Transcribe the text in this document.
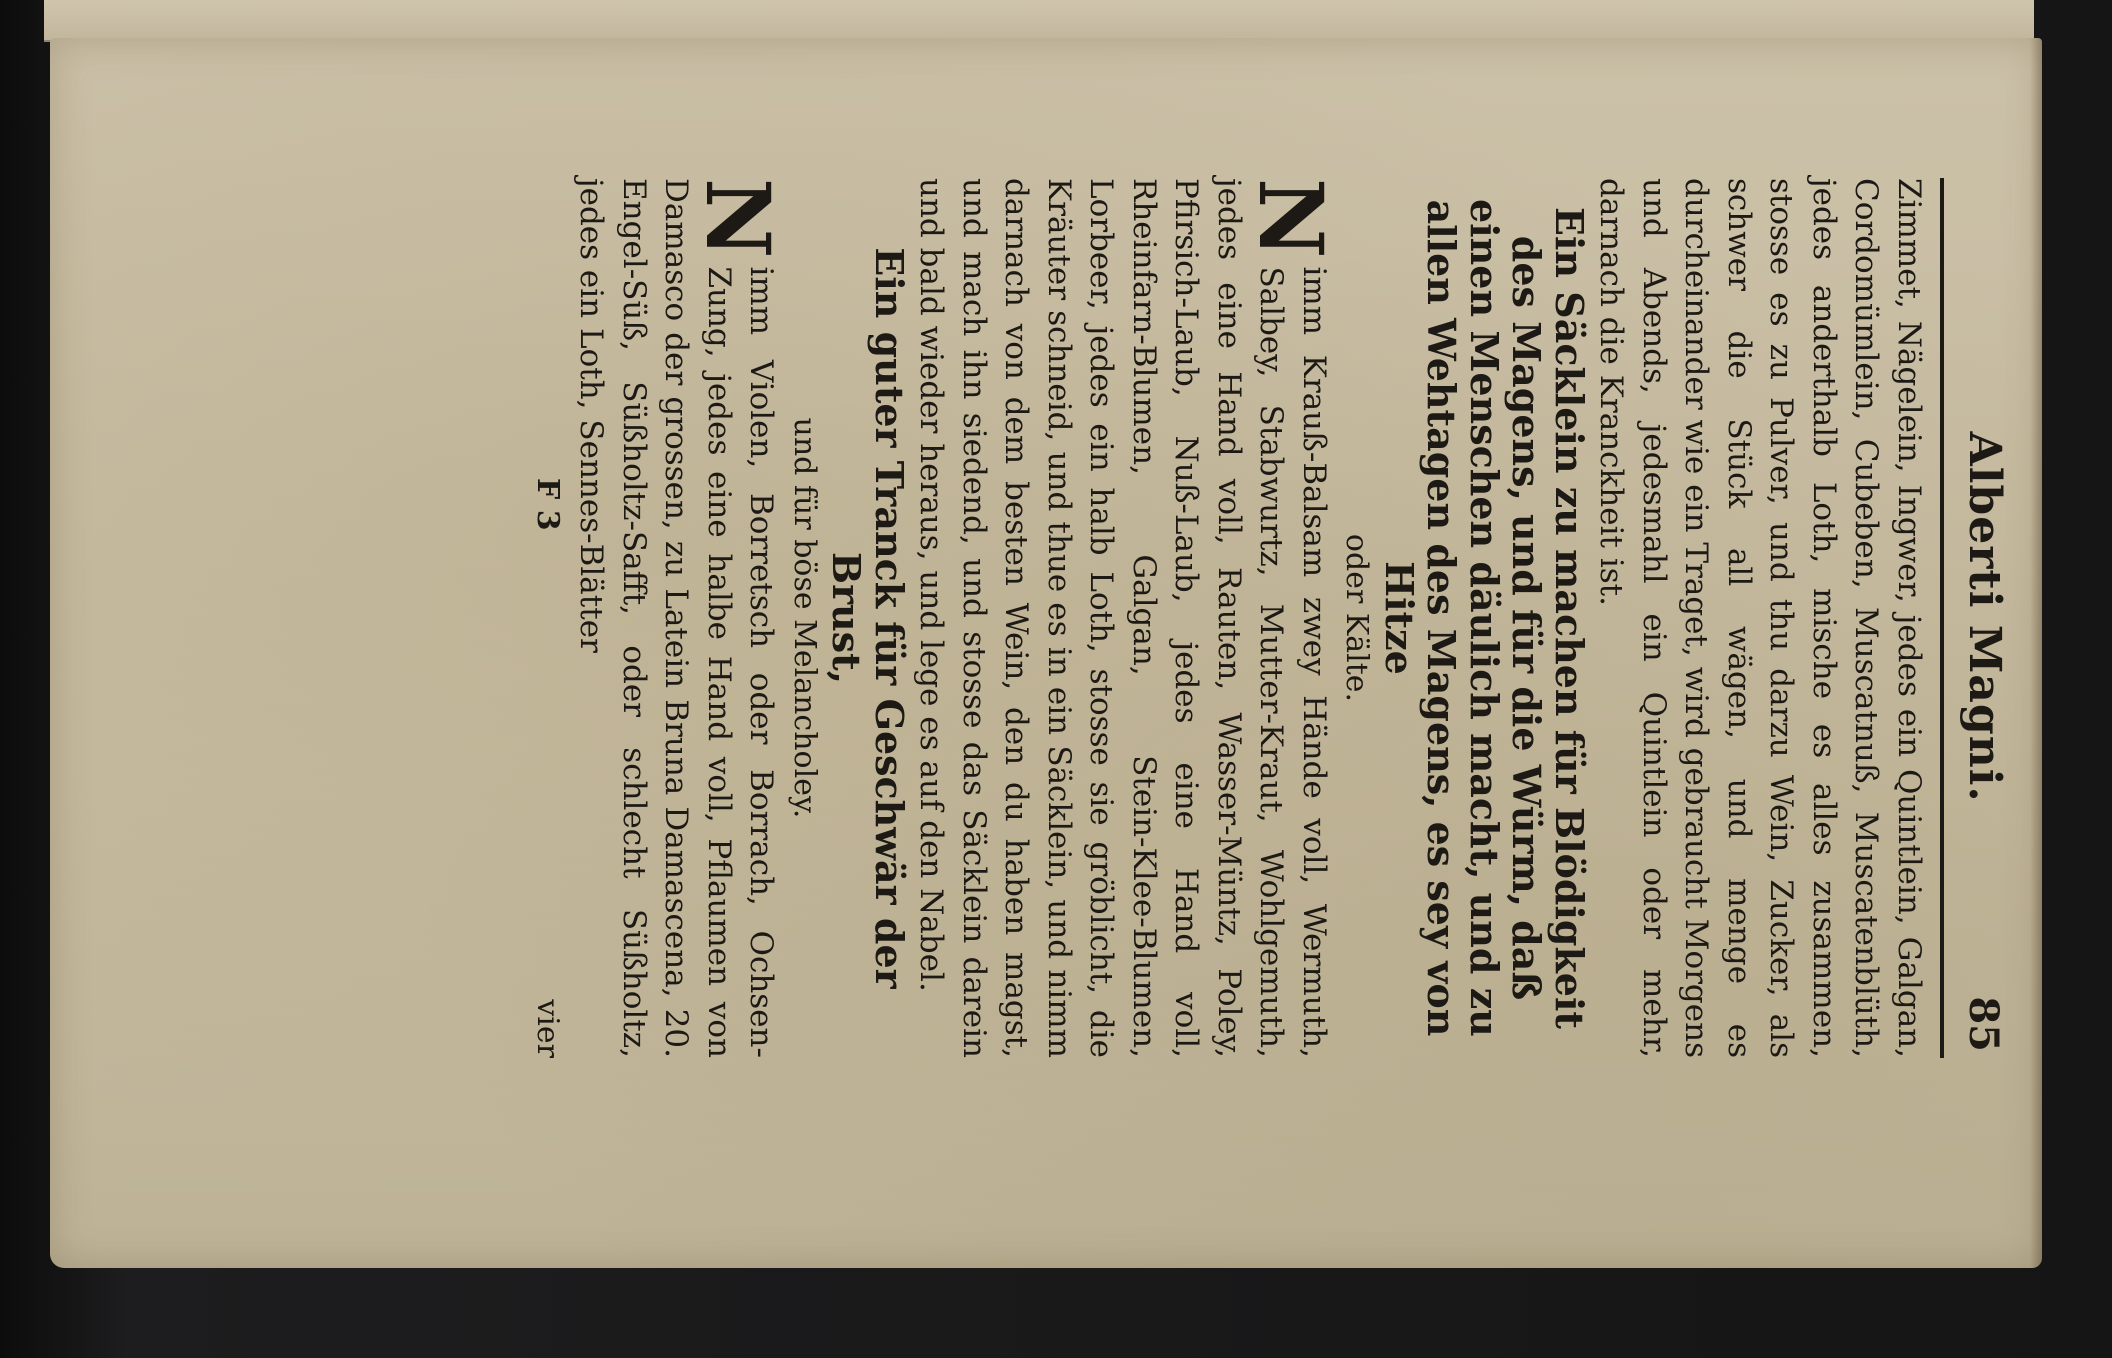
Alberti Magni.
85

Zimmet, Nägelein, Ingwer, jedes ein Quintlein, Galgan, Cordomümlein, Cubeben, Muscatnuß, Muscatenblüth, jedes anderthalb Loth, mische es alles zusammen, stosse es zu Pulver, und thu darzu Wein, Zucker, als schwer die Stück all wägen, und menge es durcheinander wie ein Traget, wird gebraucht Morgens und Abends, jedesmahl ein Quintlein oder mehr, darnach die Kranckheit ist.

Ein Säcklein zu machen für Blödigkeit des Magens, und für die Würm, daß einen Menschen däulich macht, und zu allen Wehtagen des Magens, es sey von Hitze

oder Kälte.

N
imm Krauß-Balsam zwey Hände voll, Wermuth, Salbey, Stabwurtz, Mutter-Kraut, Wohlgemuth, jedes eine Hand voll, Rauten, Wasser-Müntz, Poley, Pfirsich-Laub, Nuß-Laub, jedes eine Hand voll, Rheinfarn-Blumen, Galgan, Stein-Klee-Blumen, Lorbeer, jedes ein halb Loth, stosse sie gröblicht, die Kräuter schneid, und thue es in ein Säcklein, und nimm darnach von dem besten Wein, den du haben magst, und mach ihn siedend, und stosse das Säcklein darein und bald wieder heraus, und lege es auf den Nabel.

Ein guter Tranck für Geschwär der Brust,

und für böse Melancholey.

N
imm Violen, Borretsch oder Borrach, Ochsen-Zung, jedes eine halbe Hand voll, Pflaumen von Damasco der grossen, zu Latein Bruna Damascena, 20. Engel-Süß, Süßholtz-Safft, oder schlecht Süßholtz, jedes ein Loth, Sennes-Blätter

F 3
vier
